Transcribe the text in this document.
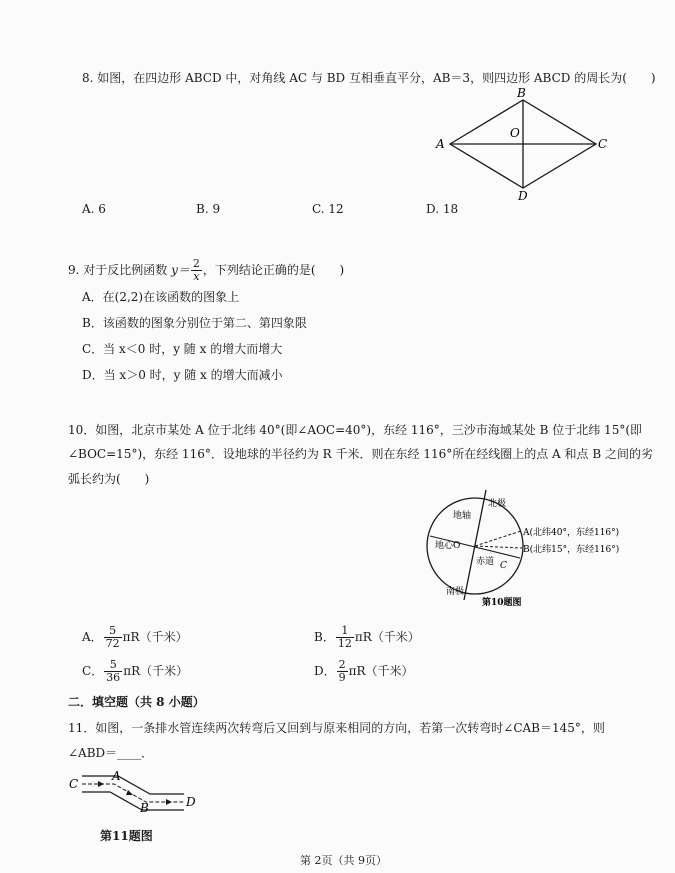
8. 如图，在四边形 ABCD 中，对角线 AC 与 BD 互相垂直平分，AB＝3，则四边形 ABCD 的周长为(　　)
A
B
C
D
O
A. 6	B. 9	C. 12	D. 18
9. 对于反比例函数 $y= \frac{2}{x}$ ，下列结论正确的是(　　)
A．在(2,2)在该函数的图象上
B．该函数的图象分别位于第二、第四象限
C．当 x＜0 时，y 随 x 的增大而增大
D．当 x＞0 时，y 随 x 的增大而减小
10．如图，北京市某处 A 位于北纬 40°(即∠AOC=40°)，东经 116°，三沙市海域某处 B 位于北纬 15°(即
∠BOC=15°)，东经 116°．设地球的半径约为 R 千米．则在东经 116°所在经线圈上的点 A 和点 B 之间的劣
弧长约为(　　)
北极
地轴
地心O
赤道 C
A(北纬40°，东经116°)
B(北纬15°，东经116°)
南极
第10题图
A． $\frac{5}{72} \pi R$（千米）	B． $\frac{1}{12} \pi R$（千米）
C． $\frac{5}{36} \pi R$（千米）	D． $\frac{2}{9} \pi R$（千米）
二．填空题（共 8 小题）
11．如图，一条排水管连续两次转弯后又回到与原来相同的方向，若第一次转弯时∠CAB＝145°，则
∠ABD＝____．
C
A
B	D
第11题图
第 2页（共 9页）
